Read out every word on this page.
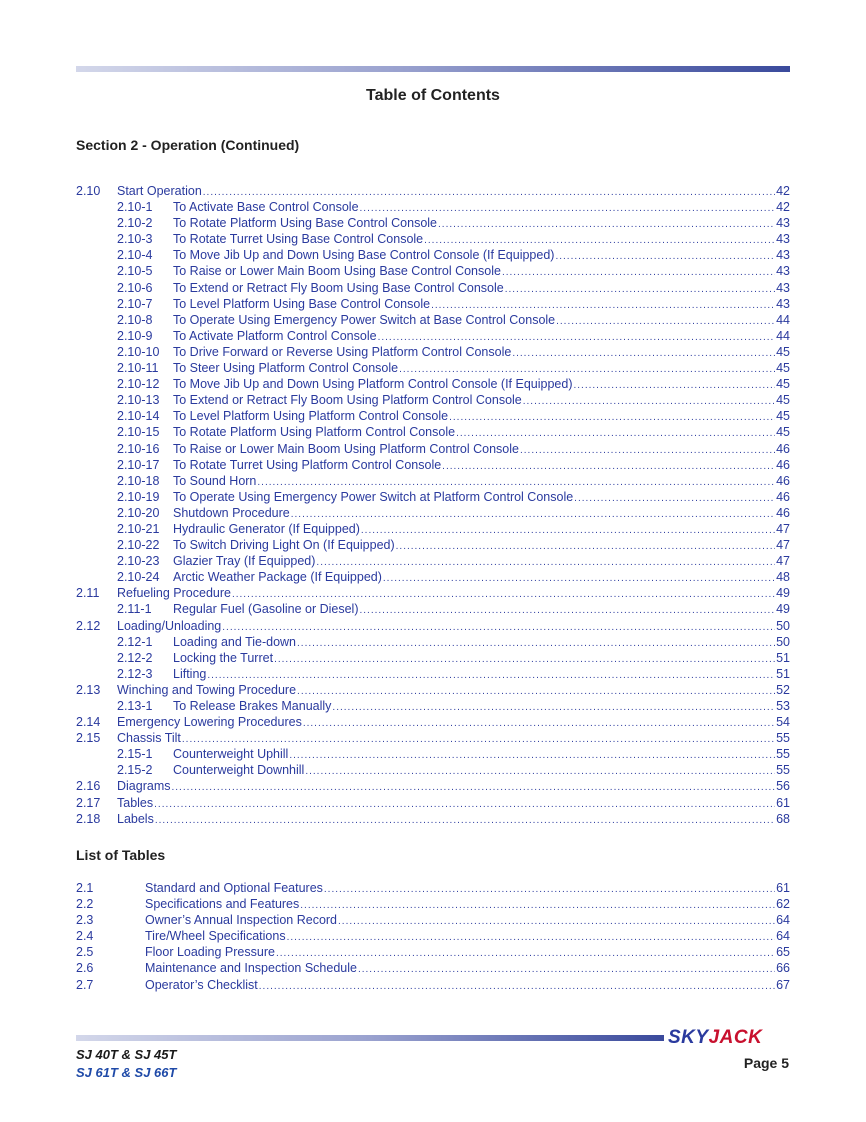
Table of Contents
Section 2 - Operation (Continued)
2.10	Start Operation .....	42
2.10-1	To Activate Base Control Console .....	42
2.10-2	To Rotate Platform Using Base Control Console .....	43
2.10-3	To Rotate Turret Using Base Control Console .....	43
2.10-4	To Move Jib Up and Down Using Base Control Console (If Equipped) .....	43
2.10-5	To Raise or Lower Main Boom Using Base Control Console .....	43
2.10-6	To Extend or Retract Fly Boom Using Base Control Console .....	43
2.10-7	To Level Platform Using Base Control Console .....	43
2.10-8	To Operate Using Emergency Power Switch at Base Control Console .....	44
2.10-9	To Activate Platform Control Console .....	44
2.10-10	To Drive Forward or Reverse Using Platform Control Console .....	45
2.10-11	To Steer Using Platform Control Console .....	45
2.10-12	To Move Jib Up and Down Using Platform Control Console (If Equipped) .....	45
2.10-13	To Extend or Retract Fly Boom Using Platform Control Console .....	45
2.10-14	To Level Platform Using Platform Control Console .....	45
2.10-15	To Rotate Platform Using Platform Control Console .....	45
2.10-16	To Raise or Lower Main Boom Using Platform Control Console .....	46
2.10-17	To Rotate Turret Using Platform Control Console .....	46
2.10-18	To Sound Horn .....	46
2.10-19	To Operate Using Emergency Power Switch at Platform Control Console .....	46
2.10-20	Shutdown Procedure .....	46
2.10-21	Hydraulic Generator (If Equipped) .....	47
2.10-22	To Switch Driving Light On (If Equipped) .....	47
2.10-23	Glazier Tray (If Equipped) .....	47
2.10-24	Arctic Weather Package (If Equipped) .....	48
2.11	Refueling Procedure .....	49
2.11-1	Regular Fuel (Gasoline or Diesel) .....	49
2.12	Loading/Unloading .....	50
2.12-1	Loading and Tie-down .....	50
2.12-2	Locking the Turret .....	51
2.12-3	Lifting .....	51
2.13	Winching and Towing Procedure .....	52
2.13-1	To Release Brakes Manually .....	53
2.14	Emergency Lowering Procedures .....	54
2.15	Chassis Tilt .....	55
2.15-1	Counterweight Uphill .....	55
2.15-2	Counterweight Downhill .....	55
2.16	Diagrams .....	56
2.17	Tables .....	61
2.18	Labels .....	68
List of Tables
2.1	Standard and Optional Features .....	61
2.2	Specifications and Features .....	62
2.3	Owner’s Annual Inspection Record .....	64
2.4	Tire/Wheel Specifications .....	64
2.5	Floor Loading Pressure .....	65
2.6	Maintenance and Inspection Schedule .....	66
2.7	Operator’s Checklist .....	67
SKYJACK
SJ 40T & SJ 45T
SJ 61T & SJ 66T
Page 5
